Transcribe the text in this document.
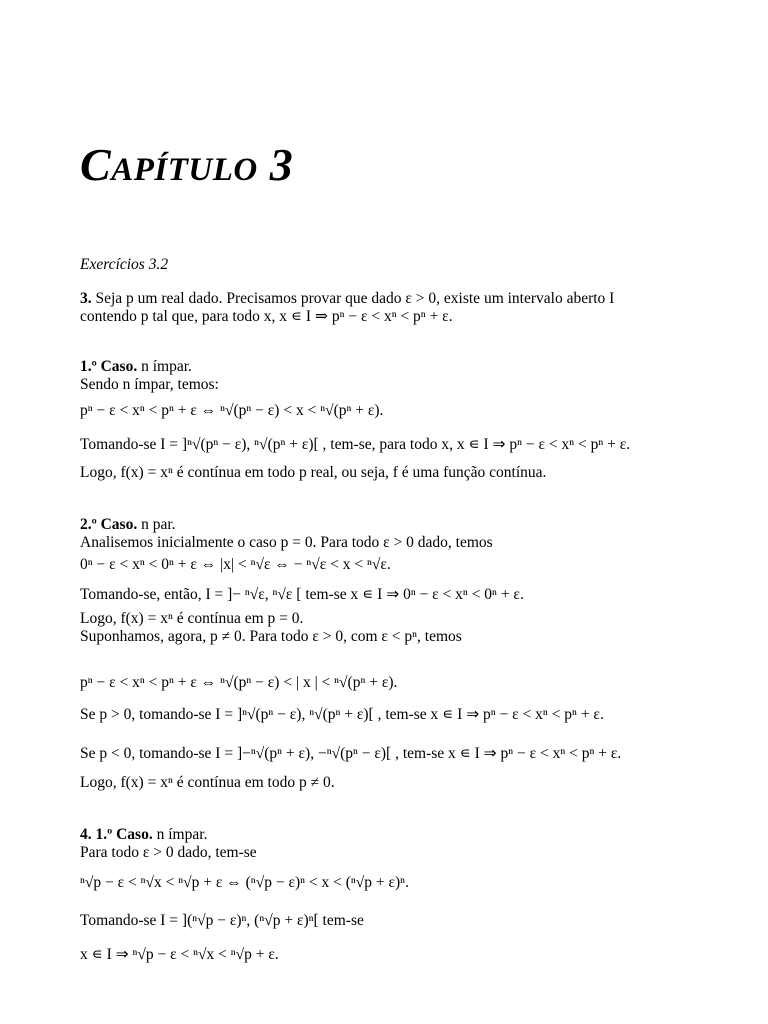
CAPÍTULO 3
Exercícios 3.2
3. Seja p um real dado. Precisamos provar que dado ε > 0, existe um intervalo aberto I
contendo p tal que, para todo x, x ∊ I ⇒ pⁿ − ε < xⁿ < pⁿ + ε.
1.º Caso. n ímpar.
Sendo n ímpar, temos:
pⁿ − ε < xⁿ < pⁿ + ε ⇔ ⁿ√(pⁿ − ε) < x < ⁿ√(pⁿ + ε).
Tomando-se I = ]ⁿ√(pⁿ − ε), ⁿ√(pⁿ + ε)[ , tem-se, para todo x, x ∊ I ⇒ pⁿ − ε < xⁿ < pⁿ + ε.
Logo, f(x) = xⁿ é contínua em todo p real, ou seja, f é uma função contínua.
2.º Caso. n par.
Analisemos inicialmente o caso p = 0. Para todo ε > 0 dado, temos
0ⁿ − ε < xⁿ < 0ⁿ + ε ⇔ |x| < ⁿ√ε ⇔ − ⁿ√ε < x < ⁿ√ε.
Tomando-se, então, I = ]− ⁿ√ε, ⁿ√ε [ tem-se x ∊ I ⇒ 0ⁿ − ε < xⁿ < 0ⁿ + ε.
Logo, f(x) = xⁿ é contínua em p = 0.
Suponhamos, agora, p ≠ 0. Para todo ε > 0, com ε < pⁿ, temos
pⁿ − ε < xⁿ < pⁿ + ε ⇔ ⁿ√(pⁿ − ε) < | x | < ⁿ√(pⁿ + ε).
Se p > 0, tomando-se I = ]ⁿ√(pⁿ − ε), ⁿ√(pⁿ + ε)[ , tem-se x ∊ I ⇒ pⁿ − ε < xⁿ < pⁿ + ε.
Se p < 0, tomando-se I = ]−ⁿ√(pⁿ + ε), −ⁿ√(pⁿ − ε)[ , tem-se x ∊ I ⇒ pⁿ − ε < xⁿ < pⁿ + ε.
Logo, f(x) = xⁿ é contínua em todo p ≠ 0.
4. 1.º Caso. n ímpar.
Para todo ε > 0 dado, tem-se
ⁿ√p − ε < ⁿ√x < ⁿ√p + ε ⇔ (ⁿ√p − ε)ⁿ < x < (ⁿ√p + ε)ⁿ.
Tomando-se I = ](ⁿ√p − ε)ⁿ, (ⁿ√p + ε)ⁿ[ tem-se
x ∊ I ⇒ ⁿ√p − ε < ⁿ√x < ⁿ√p + ε.
